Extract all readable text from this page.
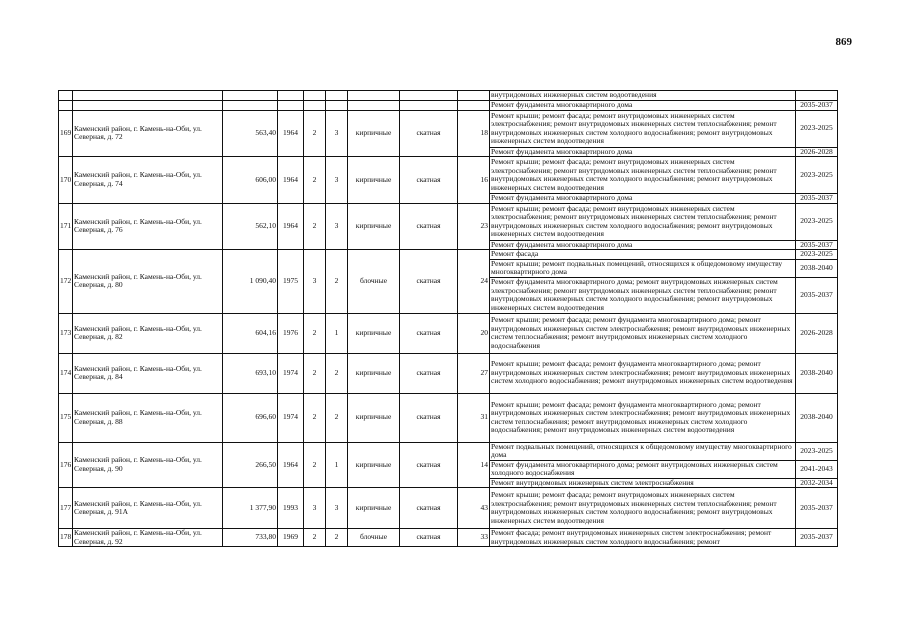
869
									внутридомовых инженерных систем водоотведения	
									Ремонт фундамента многоквартирного дома	2035-2037
169	Каменский район, г. Камень-на-Оби, ул. Северная, д. 72	563,40	1964	2	3	кирпичные	скатная	18	Ремонт крыши; ремонт фасада; ремонт внутридомовых инженерных систем электроснабжения; ремонт внутридомовых инженерных систем теплоснабжения; ремонт внутридомовых инженерных систем холодного водоснабжения; ремонт внутридомовых инженерных систем водоотведения	2023-2025
									Ремонт фундамента многоквартирного дома	2026-2028
170	Каменский район, г. Камень-на-Оби, ул. Северная, д. 74	606,00	1964	2	3	кирпичные	скатная	16	Ремонт крыши; ремонт фасада; ремонт внутридомовых инженерных систем электроснабжения; ремонт внутридомовых инженерных систем теплоснабжения; ремонт внутридомовых инженерных систем холодного водоснабжения; ремонт внутридомовых инженерных систем водоотведения	2023-2025
									Ремонт фундамента многоквартирного дома	2035-2037
171	Каменский район, г. Камень-на-Оби, ул. Северная, д. 76	562,10	1964	2	3	кирпичные	скатная	23	Ремонт крыши; ремонт фасада; ремонт внутридомовых инженерных систем электроснабжения; ремонт внутридомовых инженерных систем теплоснабжения; ремонт внутридомовых инженерных систем холодного водоснабжения; ремонт внутридомовых инженерных систем водоотведения	2023-2025
									Ремонт фундамента многоквартирного дома	2035-2037
172	Каменский район, г. Камень-на-Оби, ул. Северная, д. 80	1 090,40	1975	3	2	блочные	скатная	24	Ремонт фасада	2023-2025
									Ремонт крыши; ремонт подвальных помещений, относящихся к общедомовому имуществу многоквартирного дома	2038-2040
									Ремонт фундамента многоквартирного дома; ремонт внутридомовых инженерных систем электроснабжения; ремонт внутридомовых инженерных систем теплоснабжения; ремонт внутридомовых инженерных систем холодного водоснабжения; ремонт внутридомовых инженерных систем водоотведения	2035-2037
173	Каменский район, г. Камень-на-Оби, ул. Северная, д. 82	604,16	1976	2	1	кирпичные	скатная	20	Ремонт крыши; ремонт фасада; ремонт фундамента многоквартирного дома; ремонт внутридомовых инженерных систем электроснабжения; ремонт внутридомовых инженерных систем теплоснабжения; ремонт внутридомовых инженерных систем холодного водоснабжения	2026-2028
174	Каменский район, г. Камень-на-Оби, ул. Северная, д. 84	693,10	1974	2	2	кирпичные	скатная	27	Ремонт крыши; ремонт фасада; ремонт фундамента многоквартирного дома; ремонт внутридомовых инженерных систем электроснабжения; ремонт внутридомовых инженерных систем холодного водоснабжения; ремонт внутридомовых инженерных систем водоотведения	2038-2040
175	Каменский район, г. Камень-на-Оби, ул. Северная, д. 88	696,60	1974	2	2	кирпичные	скатная	31	Ремонт крыши; ремонт фасада; ремонт фундамента многоквартирного дома; ремонт внутридомовых инженерных систем электроснабжения; ремонт внутридомовых инженерных систем теплоснабжения; ремонт внутридомовых инженерных систем холодного водоснабжения; ремонт внутридомовых инженерных систем водоотведения	2038-2040
176	Каменский район, г. Камень-на-Оби, ул. Северная, д. 90	266,50	1964	2	1	кирпичные	скатная	14	Ремонт подвальных помещений, относящихся к общедомовому имуществу многоквартирного дома	2023-2025
									Ремонт фундамента многоквартирного дома; ремонт внутридомовых инженерных систем холодного водоснабжения	2041-2043
									Ремонт внутридомовых инженерных систем электроснабжения	2032-2034
177	Каменский район, г. Камень-на-Оби, ул. Северная, д. 91А	1 377,90	1993	3	3	кирпичные	скатная	43	Ремонт крыши; ремонт фасада; ремонт внутридомовых инженерных систем электроснабжения; ремонт внутридомовых инженерных систем теплоснабжения; ремонт внутридомовых инженерных систем холодного водоснабжения; ремонт внутридомовых инженерных систем водоотведения	2035-2037
178	Каменский район, г. Камень-на-Оби, ул. Северная, д. 92	733,80	1969	2	2	блочные	скатная	33	Ремонт фасада; ремонт внутридомовых инженерных систем электроснабжения; ремонт внутридомовых инженерных систем холодного водоснабжения; ремонт	2035-2037
